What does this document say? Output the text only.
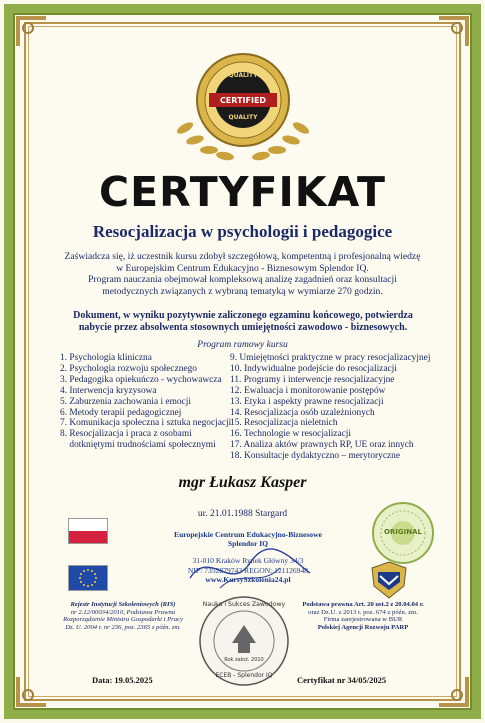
QUALITY
CERTIFIED
QUALITY
CERTYFIKAT
Resocjalizacja w psychologii i pedagogice

Zaświadcza się, iż uczestnik kursu zdobył szczegółową, kompetentną i profesjonalną wiedzę

w Europejskim Centrum Edukacyjno - Biznesowym Splendor IQ.

Program nauczania obejmował kompleksową analizę zagadnień oraz konsultacji

metodycznych związanych z wybraną tematyką w wymiarze 270 godzin.

Dokument, w wyniku pozytywnie zaliczonego egzaminu końcowego, potwierdza

nabycie przez absolwenta stosownych umiejętności zawodowo - biznesowych.

Program ramowy kursu
1. Psychologia kliniczna
2. Psychologia rozwoju społecznego
3. Pedagogika opiekuńczo - wychowawcza
4. Interwencja kryzysowa
5. Zaburzenia zachowania i emocji
6. Metody terapii pedagogicznej
7. Komunikacja społeczna i sztuka negocjacji
8. Resocjalizacja i praca z osobami
dotkniętymi trudnościami społecznymi
9. Umiejętności praktyczne w pracy resocjalizacyjnej
10. Indywidualne podejście do resocjalizacji
11. Programy i interwencje resocjalizacyjne
12. Ewaluacja i monitorowanie postępów
13. Etyka i aspekty prawne resocjalizacji
14. Resocjalizacja osób uzależnionych
15. Resocjalizacja nieletnich
16. Technologie w resocjalizacji
17. Analiza aktów prawnych RP, UE oraz innych
18. Konsultacje dydaktyczno – merytoryczne
mgr Łukasz Kasper
ur. 21.01.1988 Stargard
Europejskie Centrum Edukacyjno-Biznesowe
Splendor IQ
31-010 Kraków Rynek Główny 34/3
NIP: 7352879743 REGON: 121126948
www.KursySzkolenia24.pl
ORIGINAL
Rejestr Instytucji Szkoleniowych (RIS)
nr 2.12/00034/2010, Podstawa Prawna
Rozporządzenie Ministra Gospodarki i Pracy
Dz. U. 2004 r. nr 236, poz. 2365 z późn. zm.
Nauka i Sukces Zawodowy
Rok założ. 2010
ECEB - Splendor IQ
Podstawa prawna Art. 20 ust.2 z 20.04.04 r.
oraz Dz.U. z 2013 r. poz. 674 z późn. zm.
Firma zarejestrowana w BUR
Polskiej Agencji Rozwoju PARP
Data: 19.05.2025	Certyfikat nr 34/05/2025
